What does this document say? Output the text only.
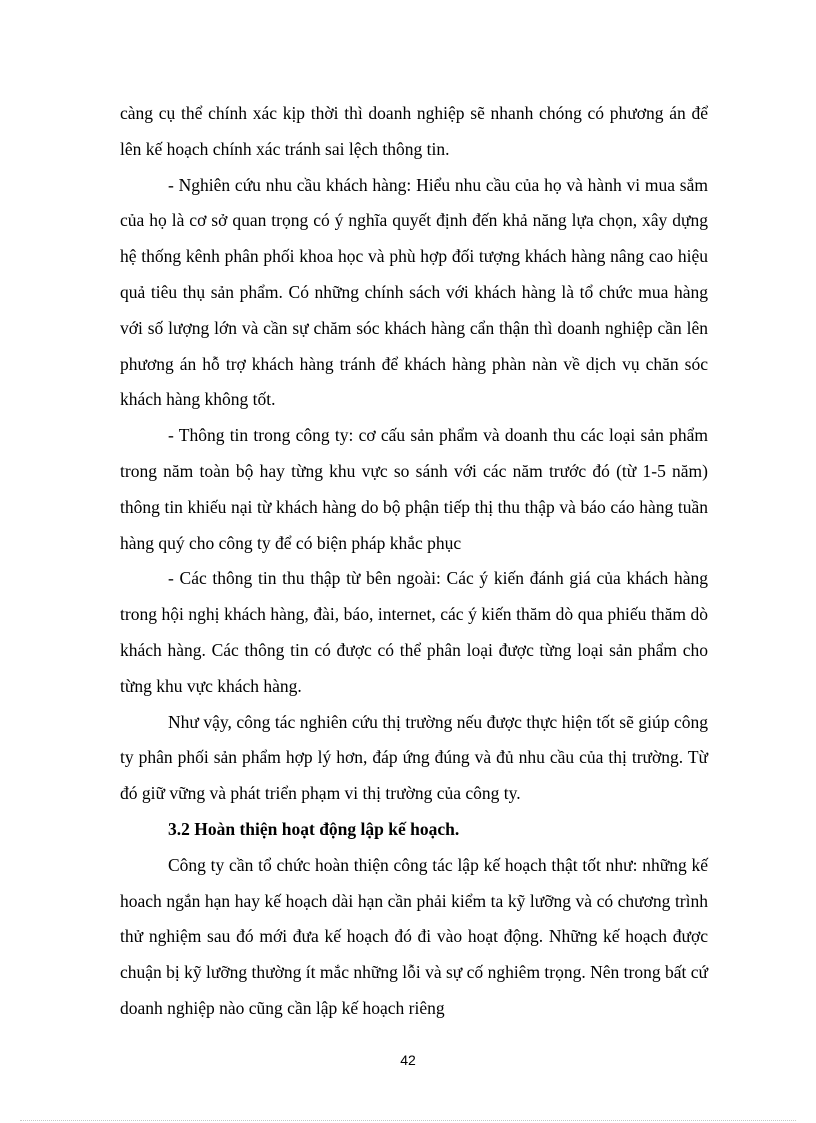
càng cụ thể chính xác kịp thời thì doanh nghiệp sẽ nhanh chóng có phương án để lên kế hoạch chính xác tránh sai lệch thông tin.

- Nghiên cứu nhu cầu khách hàng: Hiểu nhu cầu của họ và hành vi mua sắm của họ là cơ sở quan trọng có ý nghĩa quyết định đến khả năng lựa chọn, xây dựng hệ thống kênh phân phối khoa học và phù hợp đối tượng khách hàng nâng cao hiệu quả tiêu thụ sản phẩm. Có những chính sách với khách hàng là tổ chức mua hàng với số lượng lớn và cần sự chăm sóc khách hàng cẩn thận thì doanh nghiệp cần lên phương án hỗ trợ khách hàng tránh để khách hàng phàn nàn về dịch vụ chăn sóc khách hàng không tốt.

- Thông tin trong công ty: cơ cấu sản phẩm và doanh thu các loại sản phẩm trong năm toàn bộ hay từng khu vực so sánh với các năm trước đó (từ 1-5 năm) thông tin khiếu nại từ khách hàng do bộ phận tiếp thị thu thập và báo cáo hàng tuần hàng quý cho công ty để có biện pháp khắc phục

- Các thông tin thu thập từ bên ngoài: Các ý kiến đánh giá của khách hàng trong hội nghị khách hàng, đài, báo, internet, các ý kiến thăm dò qua phiếu thăm dò khách hàng. Các thông tin có được có thể phân loại được từng loại sản phẩm cho từng khu vực khách hàng.

Như vậy, công tác nghiên cứu thị trường nếu được thực hiện tốt sẽ giúp công ty phân phối sản phẩm hợp lý hơn, đáp ứng đúng và đủ nhu cầu của thị trường. Từ đó giữ vững và phát triển phạm vi thị trường của công ty.

3.2 Hoàn thiện hoạt động lập kế hoạch.

Công ty cần tổ chức hoàn thiện công tác lập kế hoạch thật tốt như: những kế hoach ngắn hạn hay kế hoạch dài hạn cần phải kiểm ta kỹ lưỡng và có chương trình thử nghiệm sau đó mới đưa kế hoạch đó đi vào hoạt động. Những kế hoạch được chuận bị kỹ lưỡng thường ít mắc những lỗi và sự cố nghiêm trọng. Nên trong bất cứ doanh nghiệp nào cũng cần lập kế hoạch riêng

42
